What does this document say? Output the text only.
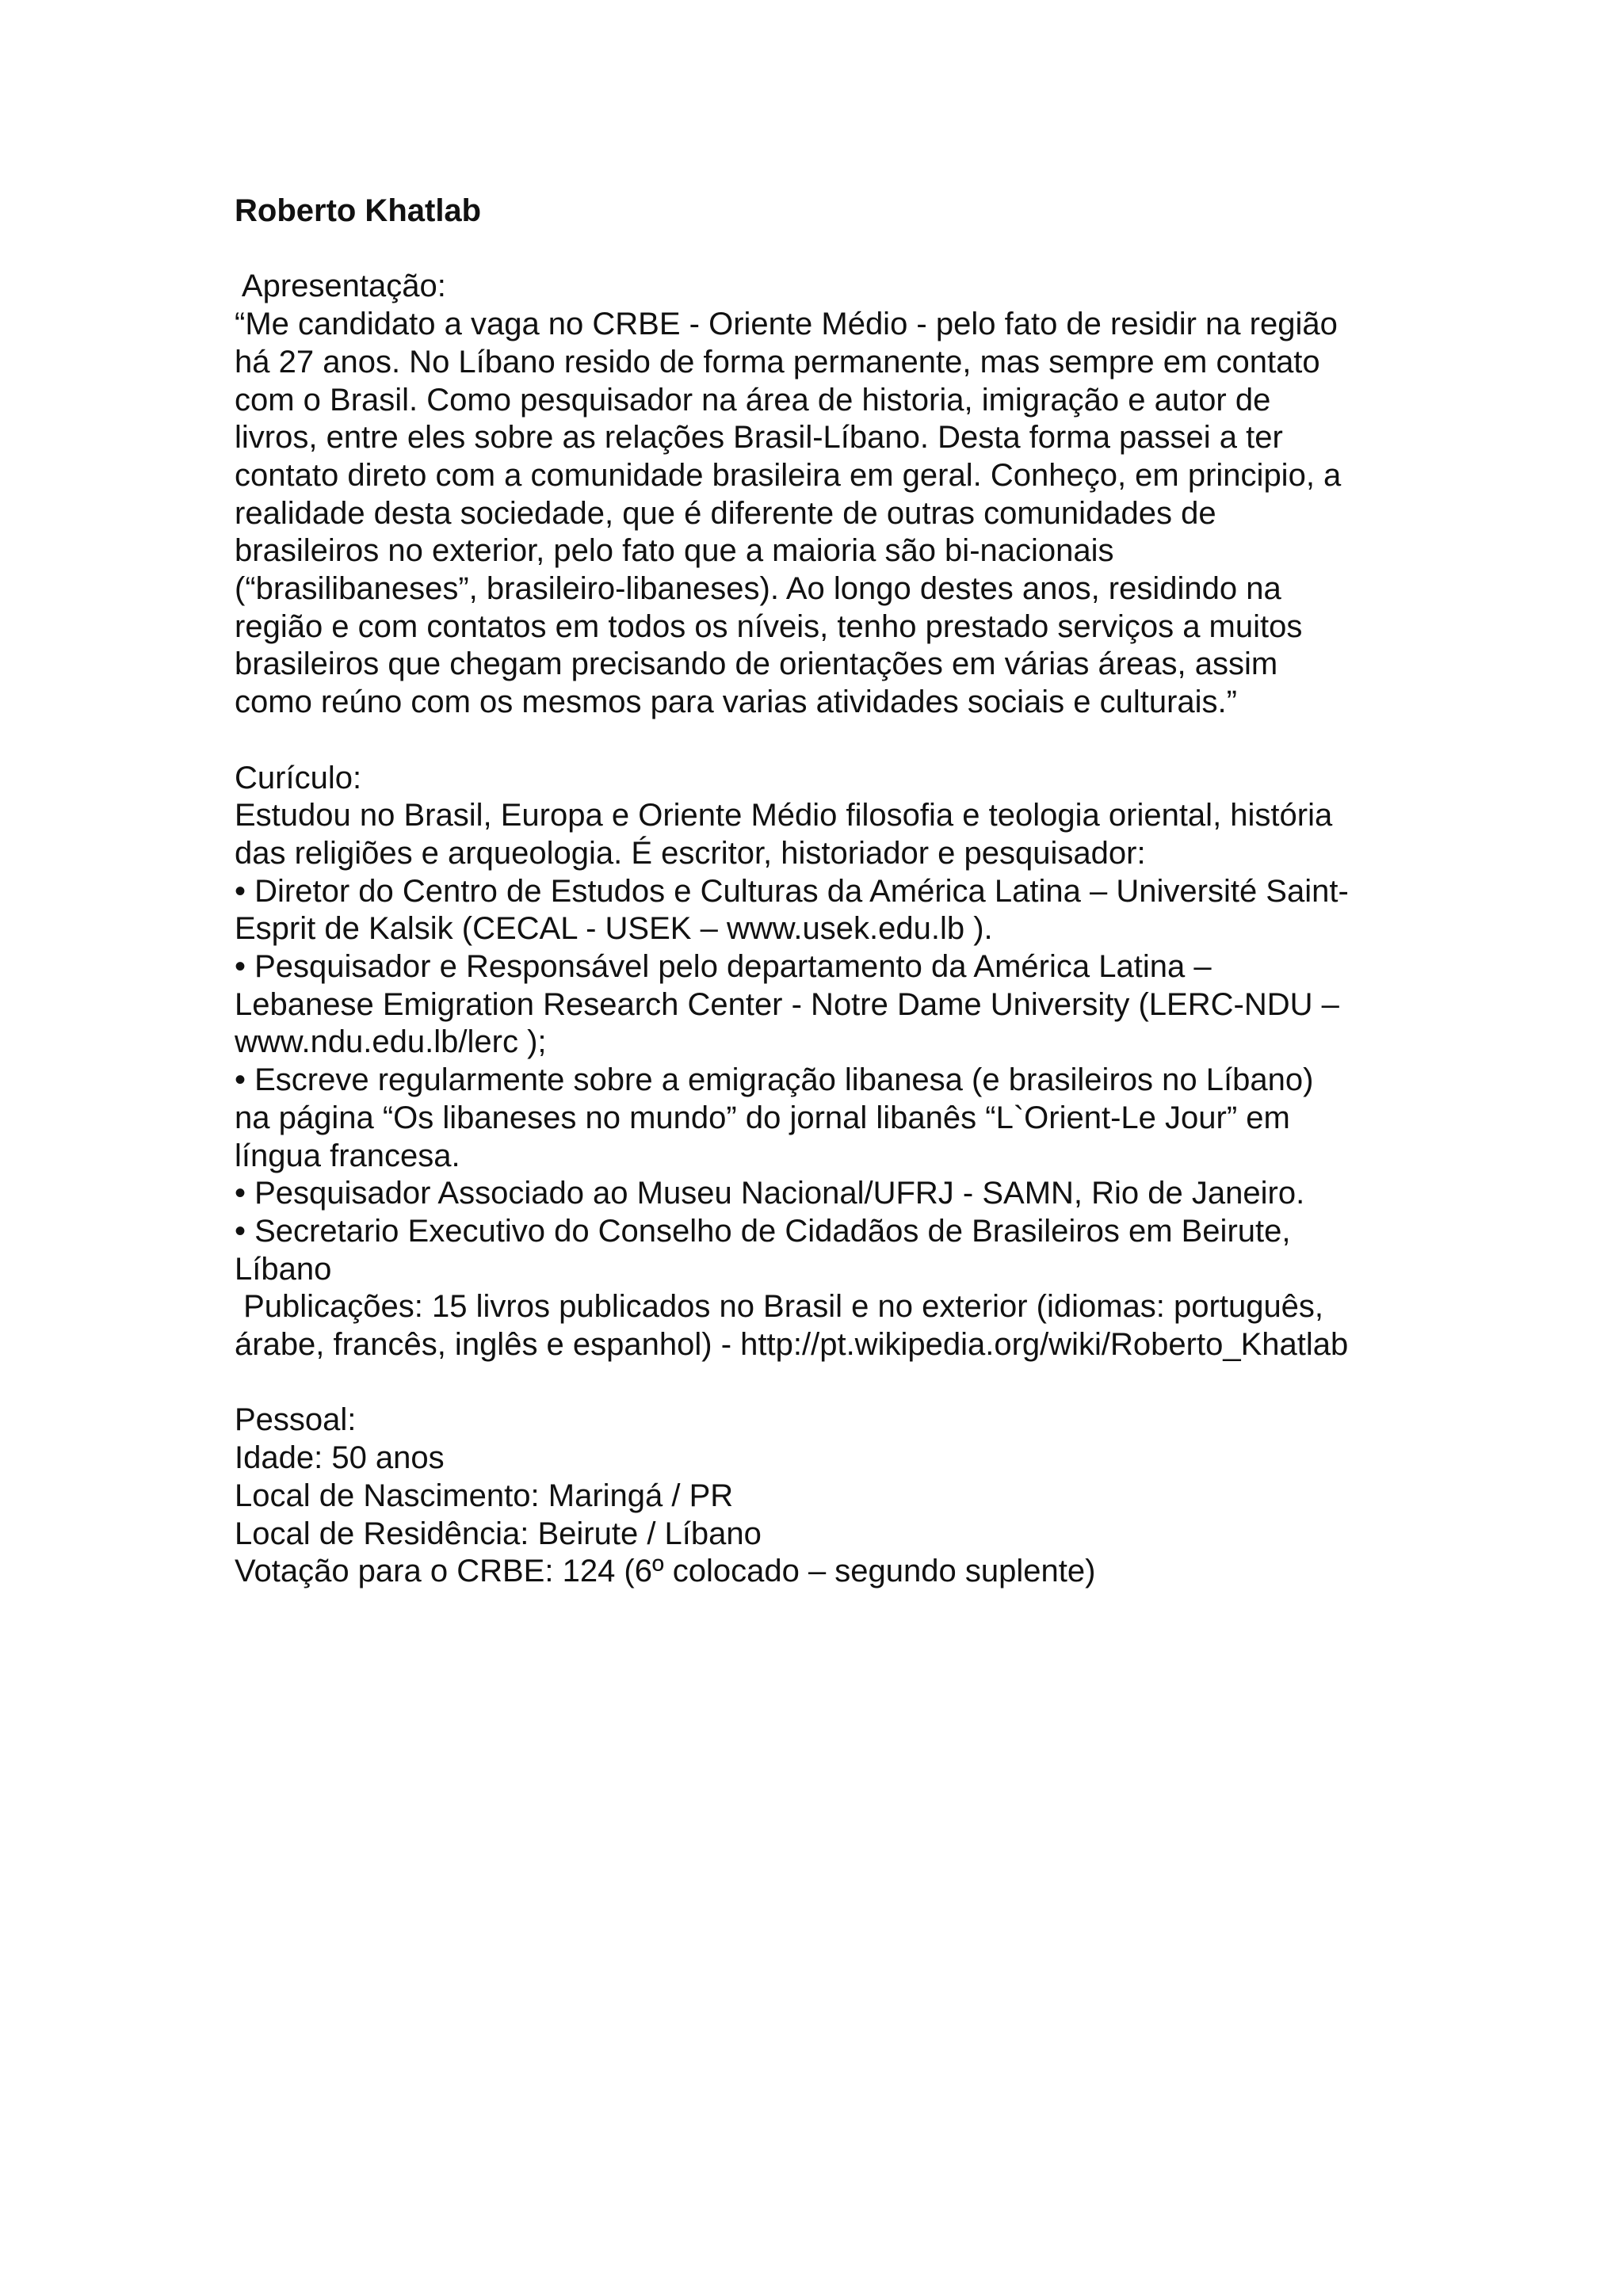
Roberto Khatlab
Apresentação:
“Me candidato a vaga no CRBE - Oriente Médio - pelo fato de residir na região
há 27 anos. No Líbano resido de forma permanente, mas sempre em contato
com o Brasil. Como pesquisador na área de historia, imigração e autor de
livros, entre eles sobre as relações Brasil-Líbano. Desta forma passei a ter
contato direto com a comunidade brasileira em geral. Conheço, em principio, a
realidade desta sociedade, que é diferente de outras comunidades de
brasileiros no exterior, pelo fato que a maioria são bi-nacionais
(“brasilibaneses”, brasileiro-libaneses). Ao longo destes anos, residindo na
região e com contatos em todos os níveis, tenho prestado serviços a muitos
brasileiros que chegam precisando de orientações em várias áreas, assim
como reúno com os mesmos para varias atividades sociais e culturais.”
Curículo:
Estudou no Brasil, Europa e Oriente Médio filosofia e teologia oriental, história
das religiões e arqueologia. É escritor, historiador e pesquisador:
• Diretor do Centro de Estudos e Culturas da América Latina – Université Saint-
Esprit de Kalsik (CECAL - USEK – www.usek.edu.lb ).
• Pesquisador e Responsável pelo departamento da América Latina –
Lebanese Emigration Research Center - Notre Dame University (LERC-NDU –
www.ndu.edu.lb/lerc );
• Escreve regularmente sobre a emigração libanesa (e brasileiros no Líbano)
na página “Os libaneses no mundo” do jornal libanês “L`Orient-Le Jour” em
língua francesa.
• Pesquisador Associado ao Museu Nacional/UFRJ - SAMN, Rio de Janeiro.
• Secretario Executivo do Conselho de Cidadãos de Brasileiros em Beirute,
Líbano
Publicações: 15 livros publicados no Brasil e no exterior (idiomas: português,
árabe, francês, inglês e espanhol) - http://pt.wikipedia.org/wiki/Roberto_Khatlab
Pessoal:
Idade: 50 anos
Local de Nascimento: Maringá / PR
Local de Residência: Beirute / Líbano
Votação para o CRBE: 124 (6º colocado – segundo suplente)
